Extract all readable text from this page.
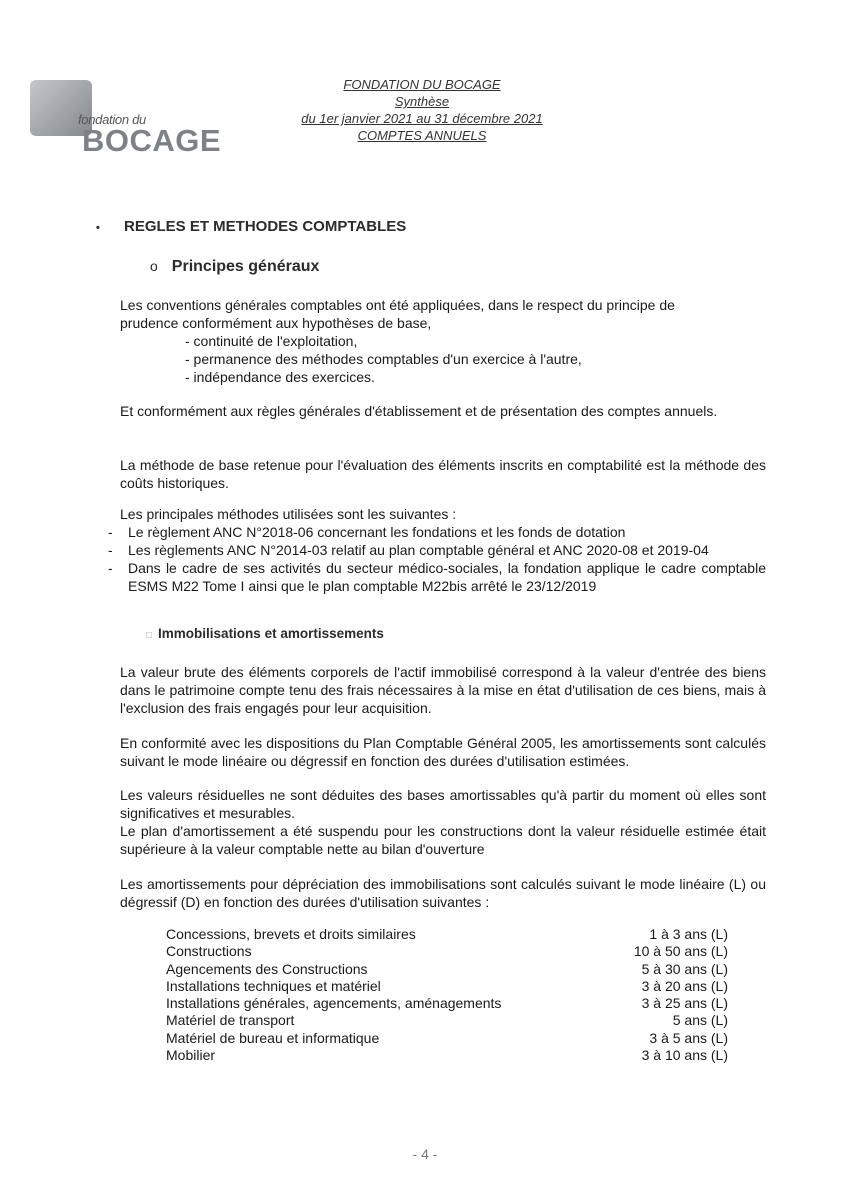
fondation du
BOCAGE
FONDATION DU BOCAGE
Synthèse
du 1er janvier 2021 au 31 décembre 2021
COMPTES ANNUELS
• REGLES ET METHODES COMPTABLES
o Principes généraux

Les conventions générales comptables ont été appliquées, dans le respect du principe de

prudence conformément aux hypothèses de base,

- continuité de l'exploitation,

- permanence des méthodes comptables d'un exercice à l'autre,

- indépendance des exercices.

Et conformément aux règles générales d'établissement et de présentation des comptes annuels.

La méthode de base retenue pour l'évaluation des éléments inscrits en comptabilité est la méthode des coûts historiques.

Les principales méthodes utilisées sont les suivantes :

- Le règlement ANC N°2018-06 concernant les fondations et les fonds de dotation

- Les règlements ANC N°2014-03 relatif au plan comptable général et ANC 2020-08 et 2019-04

- Dans le cadre de ses activités du secteur médico-sociales, la fondation applique le cadre comptable ESMS M22 Tome I ainsi que le plan comptable M22bis arrêté le 23/12/2019

□ Immobilisations et amortissements

La valeur brute des éléments corporels de l'actif immobilisé correspond à la valeur d'entrée des biens dans le patrimoine compte tenu des frais nécessaires à la mise en état d'utilisation de ces biens, mais à l'exclusion des frais engagés pour leur acquisition.

En conformité avec les dispositions du Plan Comptable Général 2005, les amortissements sont calculés suivant le mode linéaire ou dégressif en fonction des durées d'utilisation estimées.

Les valeurs résiduelles ne sont déduites des bases amortissables qu'à partir du moment où elles sont significatives et mesurables.

Le plan d'amortissement a été suspendu pour les constructions dont la valeur résiduelle estimée était supérieure à la valeur comptable nette au bilan d'ouverture

Les amortissements pour dépréciation des immobilisations sont calculés suivant le mode linéaire (L) ou dégressif (D) en fonction des durées d'utilisation suivantes :

Concessions, brevets et droits similaires	1 à 3 ans (L)
Constructions	10 à 50 ans (L)
Agencements des Constructions	5 à 30 ans (L)
Installations techniques et matériel	3 à 20 ans (L)
Installations générales, agencements, aménagements	3 à 25 ans (L)
Matériel de transport	5 ans (L)
Matériel de bureau et informatique	3 à 5 ans (L)
Mobilier	3 à 10 ans (L)
- 4 -
